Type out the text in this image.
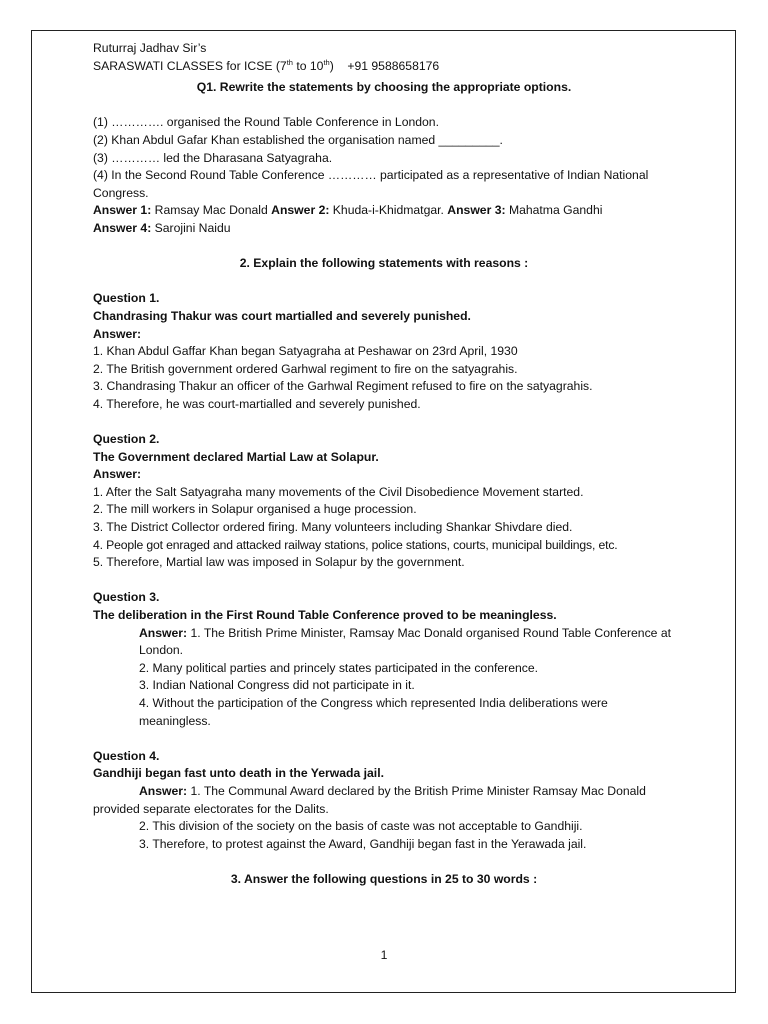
Ruturraj Jadhav Sir’s
SARASWATI CLASSES for ICSE (7th to 10th) +91 9588658176
Q1. Rewrite the statements by choosing the appropriate options.
(1) …………. organised the Round Table Conference in London.
(2) Khan Abdul Gafar Khan established the organisation named _________.
(3) ………… led the Dharasana Satyagraha.
(4) In the Second Round Table Conference ………… participated as a representative of Indian National Congress.
Answer 1: Ramsay Mac Donald Answer 2: Khuda-i-Khidmatgar. Answer 3: Mahatma Gandhi
Answer 4: Sarojini Naidu
2. Explain the following statements with reasons :
Question 1.
Chandrasing Thakur was court martialled and severely punished.
Answer:
1. Khan Abdul Gaffar Khan began Satyagraha at Peshawar on 23rd April, 1930
2. The British government ordered Garhwal regiment to fire on the satyagrahis.
3. Chandrasing Thakur an officer of the Garhwal Regiment refused to fire on the satyagrahis.
4. Therefore, he was court-martialled and severely punished.
Question 2.
The Government declared Martial Law at Solapur.
Answer:
1. After the Salt Satyagraha many movements of the Civil Disobedience Movement started.
2. The mill workers in Solapur organised a huge procession.
3. The District Collector ordered firing. Many volunteers including Shankar Shivdare died.
4. People got enraged and attacked railway stations, police stations, courts, municipal buildings, etc.
5. Therefore, Martial law was imposed in Solapur by the government.
Question 3.
The deliberation in the First Round Table Conference proved to be meaningless.
Answer: 1. The British Prime Minister, Ramsay Mac Donald organised Round Table Conference at London.
2. Many political parties and princely states participated in the conference.
3. Indian National Congress did not participate in it.
4. Without the participation of the Congress which represented India deliberations were meaningless.
Question 4.
Gandhiji began fast unto death in the Yerwada jail.
Answer: 1. The Communal Award declared by the British Prime Minister Ramsay Mac Donald provided separate electorates for the Dalits.
2. This division of the society on the basis of caste was not acceptable to Gandhiji.
3. Therefore, to protest against the Award, Gandhiji began fast in the Yerawada jail.
3. Answer the following questions in 25 to 30 words :
1
